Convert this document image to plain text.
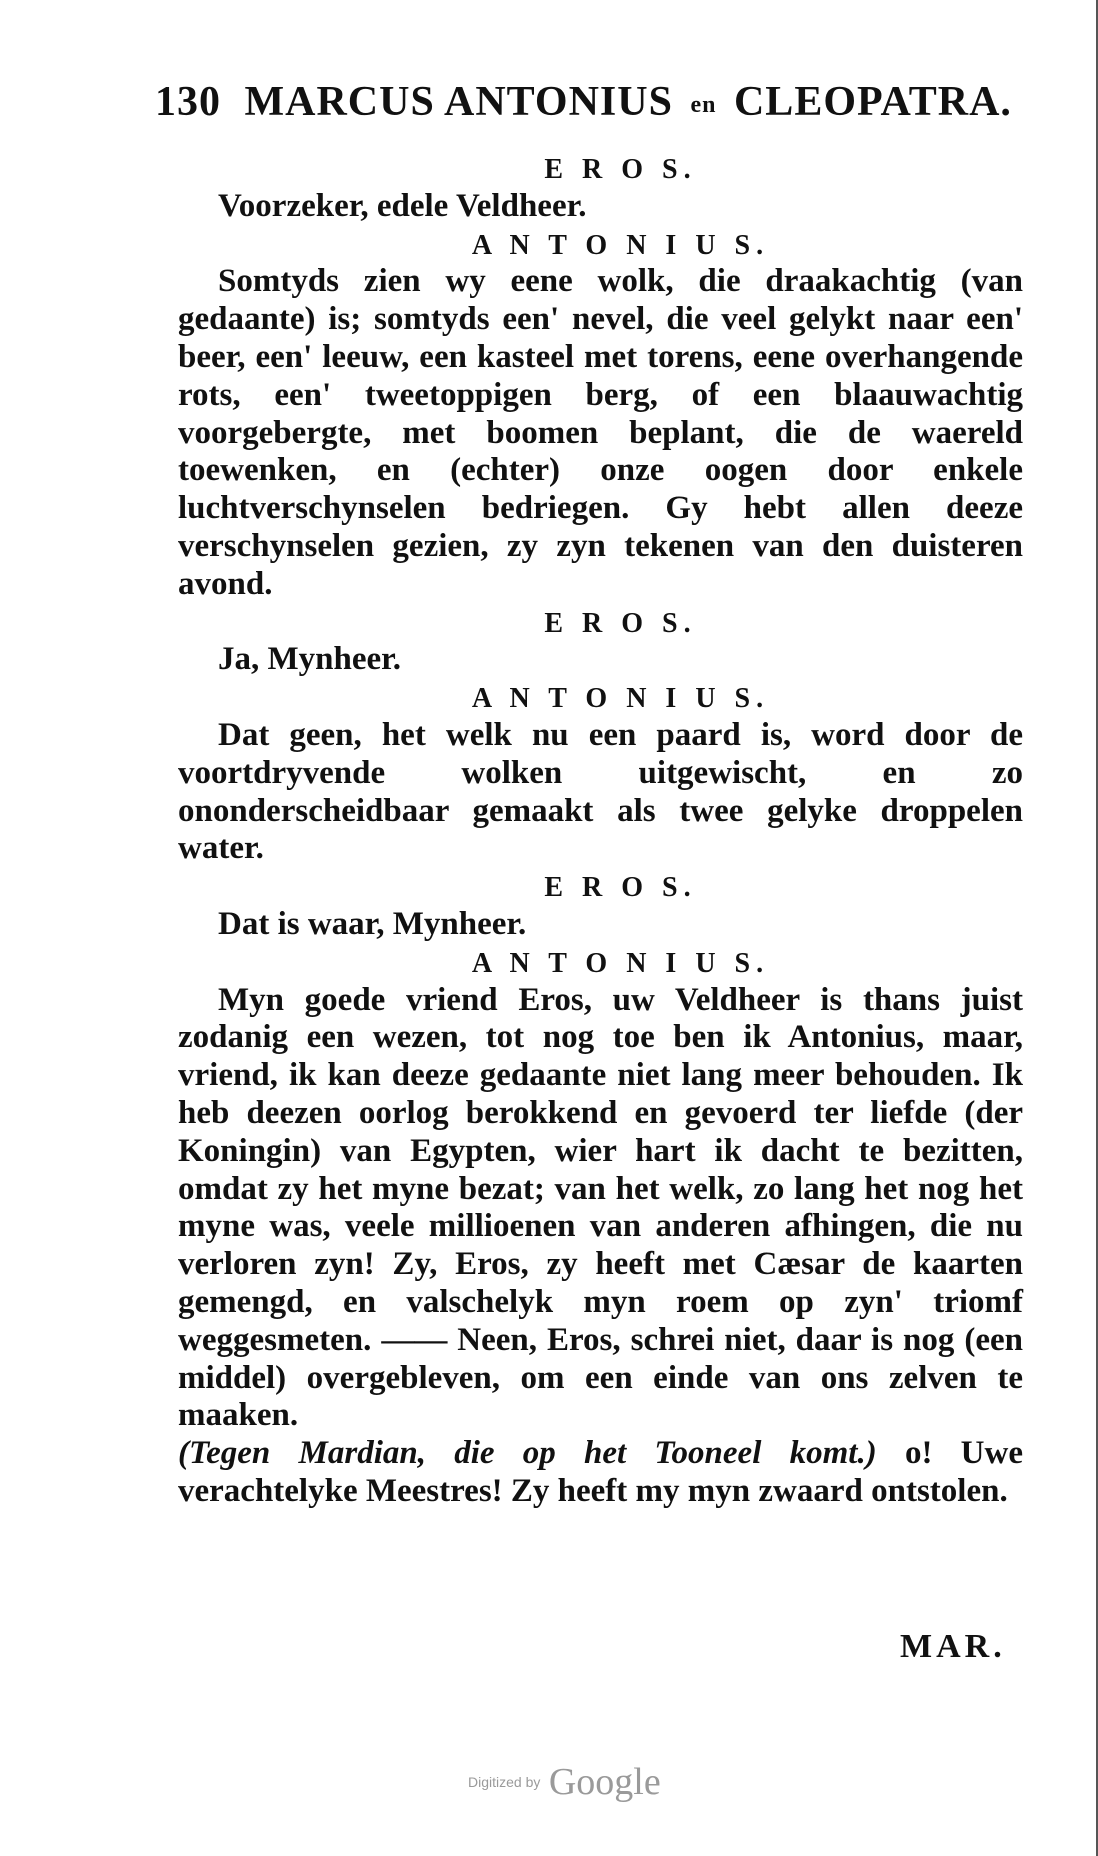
130 MARCUS ANTONIUS en CLEOPATRA.
E R O S.

Voorzeker, edele Veldheer.

A N T O N I U S.

Somtyds zien wy eene wolk, die draakachtig (van gedaante) is; somtyds een' nevel, die veel gelykt naar een' beer, een' leeuw, een kasteel met torens, eene overhangende rots, een' tweetoppigen berg, of een blaauwachtig voorgebergte, met boomen beplant, die de waereld toewenken, en (echter) onze oogen door enkele luchtverschynselen bedriegen. Gy hebt allen deeze verschynselen gezien, zy zyn tekenen van den duisteren avond.

E R O S.

Ja, Mynheer.

A N T O N I U S.

Dat geen, het welk nu een paard is, word door de voortdryvende wolken uitgewischt, en zo ononderscheidbaar gemaakt als twee gelyke droppelen water.

E R O S.

Dat is waar, Mynheer.

A N T O N I U S.

Myn goede vriend Eros, uw Veldheer is thans juist zodanig een wezen, tot nog toe ben ik Antonius, maar, vriend, ik kan deeze gedaante niet lang meer behouden. Ik heb deezen oorlog berokkend en gevoerd ter liefde (der Koningin) van Egypten, wier hart ik dacht te bezitten, omdat zy het myne bezat; van het welk, zo lang het nog het myne was, veele millioenen van anderen afhingen, die nu verloren zyn! Zy, Eros, zy heeft met Cæsar de kaarten gemengd, en valschelyk myn roem op zyn' triomf weggesmeten. ―― Neen, Eros, schrei niet, daar is nog (een middel) overgebleven, om een einde van ons zelven te maaken.

(Tegen Mardian, die op het Tooneel komt.) o! Uwe verachtelyke Meestres! Zy heeft my myn zwaard ontstolen.

MAR.
Digitized by Google
